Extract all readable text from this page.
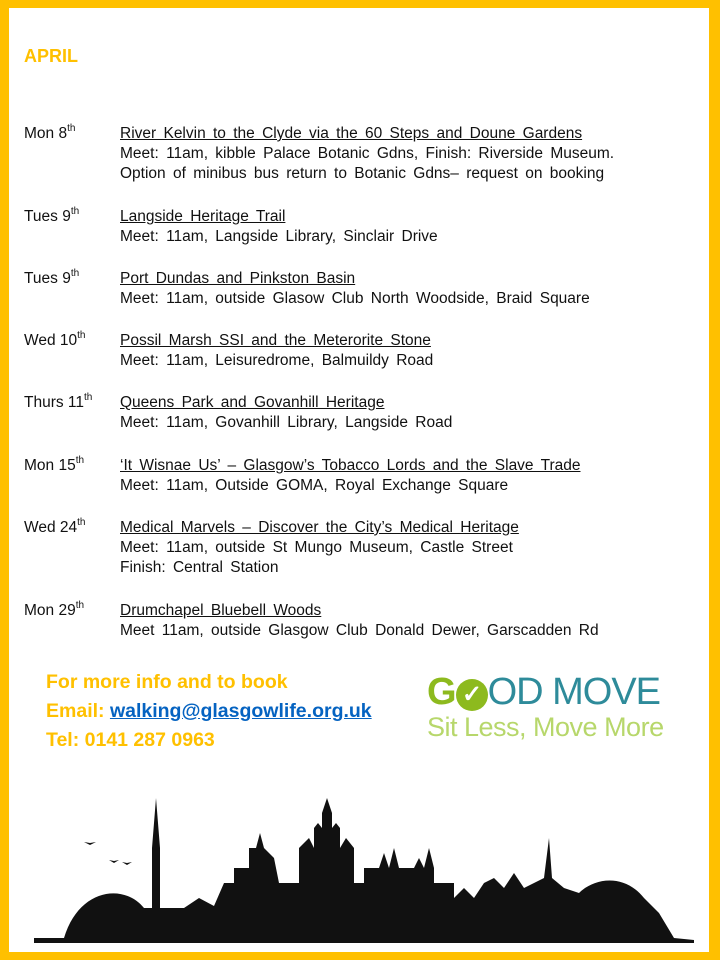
APRIL
Mon 8th	River Kelvin to the Clyde via the 60 Steps and Doune Gardens
Meet: 11am, kibble Palace Botanic Gdns, Finish: Riverside Museum.
Option of minibus bus return to Botanic Gdns– request on booking
Tues 9th	Langside Heritage Trail
Meet: 11am, Langside Library, Sinclair Drive
Tues 9th	Port Dundas and Pinkston Basin
Meet: 11am, outside Glasow Club North Woodside, Braid Square
Wed 10th	Possil Marsh SSI and the Meterorite Stone
Meet: 11am, Leisuredrome, Balmuildy Road
Thurs 11th	Queens Park and Govanhill Heritage
Meet: 11am, Govanhill Library, Langside Road
Mon 15th	‘It Wisnae Us’ – Glasgow’s Tobacco Lords and the Slave Trade
Meet: 11am, Outside GOMA, Royal Exchange Square
Wed 24th	Medical Marvels – Discover the City’s Medical Heritage
Meet: 11am, outside St Mungo Museum, Castle Street
Finish: Central Station
Mon 29th	Drumchapel Bluebell Woods
Meet 11am, outside Glasgow Club Donald Dewer, Garscadden Rd
For more info and to book
Email: walking@glasgowlife.org.uk
Tel: 0141 287 0963
G ✓ OD MOVE
Sit Less, Move More
